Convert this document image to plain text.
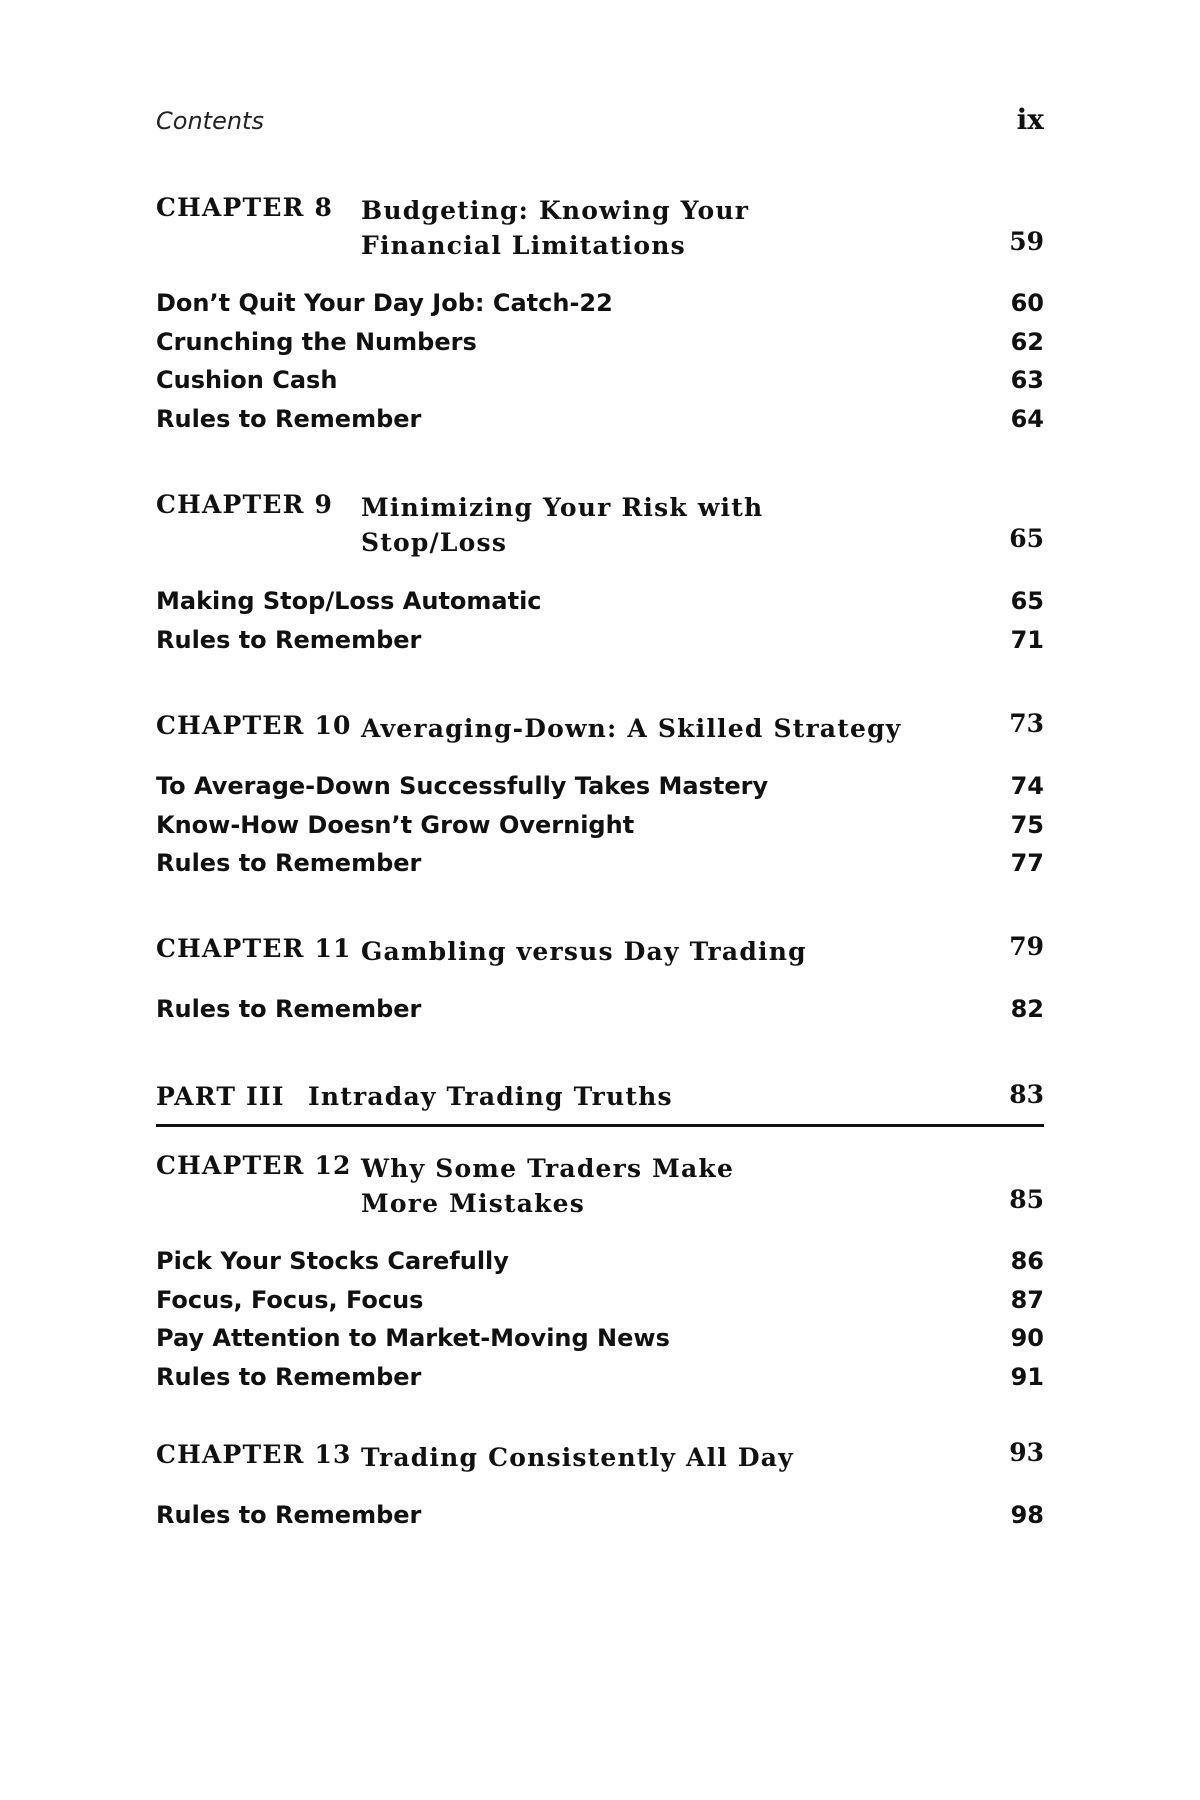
Contents	ix
CHAPTER 8 Budgeting: Knowing Your
Financial Limitations	59
Don’t Quit Your Day Job: Catch-22	60
Crunching the Numbers	62
Cushion Cash	63
Rules to Remember	64
CHAPTER 9 Minimizing Your Risk with
Stop/Loss	65
Making Stop/Loss Automatic	65
Rules to Remember	71
CHAPTER 10 Averaging-Down: A Skilled Strategy	73
To Average-Down Successfully Takes Mastery	74
Know-How Doesn’t Grow Overnight	75
Rules to Remember	77
CHAPTER 11 Gambling versus Day Trading	79
Rules to Remember	82
PART III Intraday Trading Truths	83
CHAPTER 12 Why Some Traders Make
More Mistakes	85
Pick Your Stocks Carefully	86
Focus, Focus, Focus	87
Pay Attention to Market-Moving News	90
Rules to Remember	91
CHAPTER 13 Trading Consistently All Day	93
Rules to Remember	98
